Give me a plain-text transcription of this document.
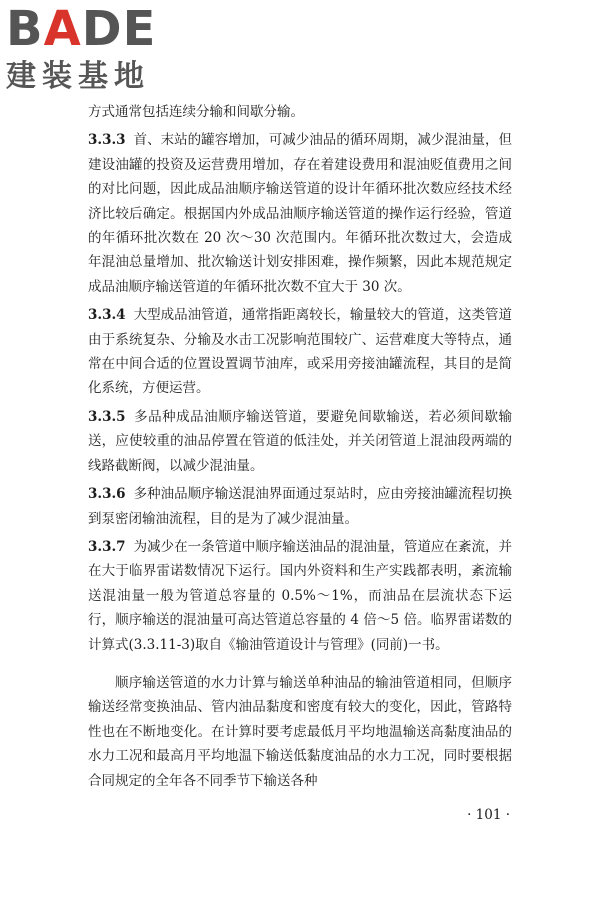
BADE
建装基地

方式通常包括连续分输和间歇分输。

3.3.3 首、末站的罐容增加，可减少油品的循环周期，减少混油量，但建设油罐的投资及运营费用增加，存在着建设费用和混油贬值费用之间的对比问题，因此成品油顺序输送管道的设计年循环批次数应经技术经济比较后确定。根据国内外成品油顺序输送管道的操作运行经验，管道的年循环批次数在 20 次～30 次范围内。年循环批次数过大，会造成年混油总量增加、批次输送计划安排困难，操作频繁，因此本规范规定成品油顺序输送管道的年循环批次数不宜大于 30 次。

3.3.4 大型成品油管道，通常指距离较长，输量较大的管道，这类管道由于系统复杂、分输及水击工况影响范围较广、运营难度大等特点，通常在中间合适的位置设置调节油库，或采用旁接油罐流程，其目的是简化系统，方便运营。

3.3.5 多品种成品油顺序输送管道，要避免间歇输送，若必须间歇输送，应使较重的油品停置在管道的低洼处，并关闭管道上混油段两端的线路截断阀，以减少混油量。

3.3.6 多种油品顺序输送混油界面通过泵站时，应由旁接油罐流程切换到泵密闭输油流程，目的是为了减少混油量。

3.3.7 为减少在一条管道中顺序输送油品的混油量，管道应在紊流，并在大于临界雷诺数情况下运行。国内外资料和生产实践都表明，紊流输送混油量一般为管道总容量的 0.5%～1%，而油品在层流状态下运行，顺序输送的混油量可高达管道总容量的 4 倍～5 倍。临界雷诺数的计算式(3.3.11-3)取自《输油管道设计与管理》(同前)一书。

顺序输送管道的水力计算与输送单种油品的输油管道相同，但顺序输送经常变换油品、管内油品黏度和密度有较大的变化，因此，管路特性也在不断地变化。在计算时要考虑最低月平均地温输送高黏度油品的水力工况和最高月平均地温下输送低黏度油品的水力工况，同时要根据合同规定的全年各不同季节下输送各种

· 101 ·
